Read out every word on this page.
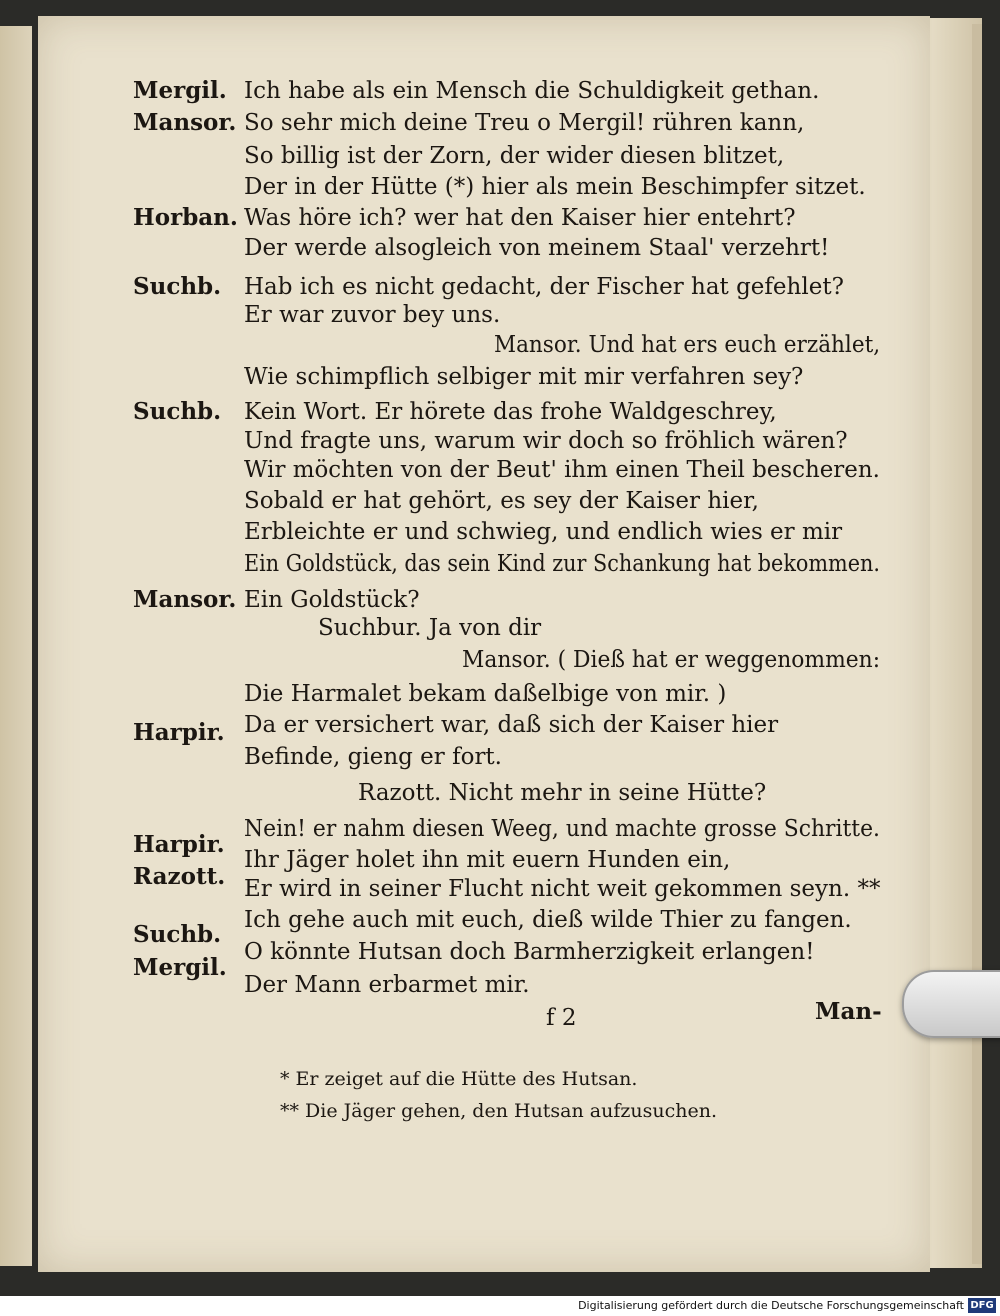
Mergil.
Mansor.
Horban.
Suchb.
Suchb.
Mansor.
Harpir.
Harpir.
Razott.
Suchb.
Mergil.
Ich habe als ein Mensch die Schuldigkeit gethan.
So sehr mich deine Treu o Mergil! rühren kann,
So billig ist der Zorn, der wider diesen blitzet,
Der in der Hütte (*) hier als mein Beschimpfer sitzet.
Was höre ich? wer hat den Kaiser hier entehrt?
Der werde alsogleich von meinem Staal' verzehrt!
Hab ich es nicht gedacht, der Fischer hat gefehlet?
Er war zuvor bey uns.
Mansor. Und hat ers euch erzählet,
Wie schimpflich selbiger mit mir verfahren sey?
Kein Wort. Er hörete das frohe Waldgeschrey,
Und fragte uns, warum wir doch so fröhlich wären?
Wir möchten von der Beut' ihm einen Theil bescheren.
Sobald er hat gehört, es sey der Kaiser hier,
Erbleichte er und schwieg, und endlich wies er mir
Ein Goldstück, das sein Kind zur Schankung hat bekommen.
Ein Goldstück?
Suchbur. Ja von dir
Mansor. ( Dieß hat er weggenommen:
Die Harmalet bekam daßelbige von mir. )
Da er versichert war, daß sich der Kaiser hier
Befinde, gieng er fort.
Razott. Nicht mehr in seine Hütte?
Nein! er nahm diesen Weeg, und machte grosse Schritte.
Ihr Jäger holet ihn mit euern Hunden ein,
Er wird in seiner Flucht nicht weit gekommen seyn. **
Ich gehe auch mit euch, dieß wilde Thier zu fangen.
O könnte Hutsan doch Barmherzigkeit erlangen!
Der Mann erbarmet mir.
f 2	Man-
* Er zeiget auf die Hütte des Hutsan.
** Die Jäger gehen, den Hutsan aufzusuchen.
Digitalisierung gefördert durch die Deutsche Forschungsgemeinschaft DFG
